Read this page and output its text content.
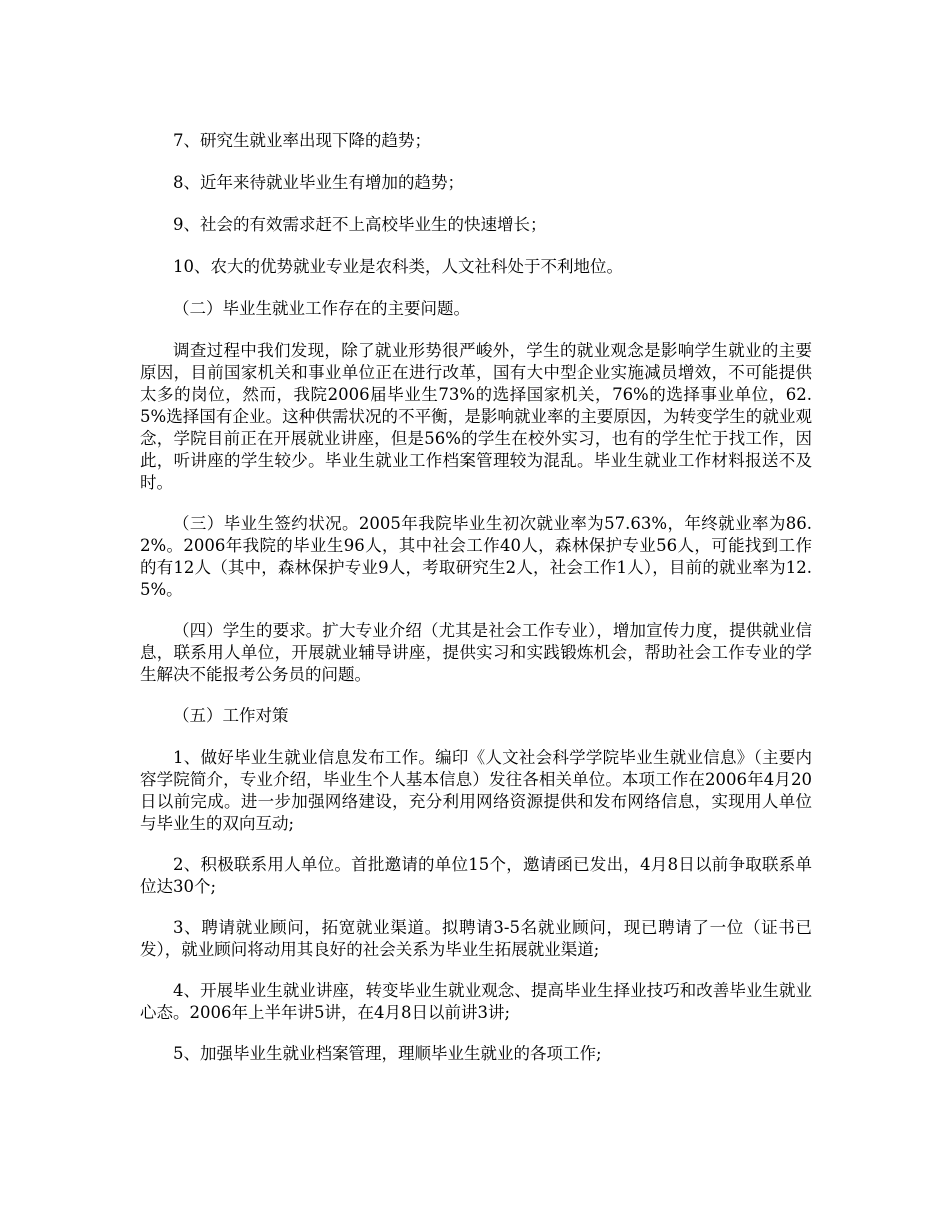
7、研究生就业率出现下降的趋势；

8、近年来待就业毕业生有增加的趋势；

9、社会的有效需求赶不上高校毕业生的快速增长；

10、农大的优势就业专业是农科类，人文社科处于不利地位。

（二）毕业生就业工作存在的主要问题。

调查过程中我们发现，除了就业形势很严峻外，学生的就业观念是影响学生就业的主要原因，目前国家机关和事业单位正在进行改革，国有大中型企业实施减员增效，不可能提供太多的岗位，然而，我院2006届毕业生73%的选择国家机关，76%的选择事业单位，62.5%选择国有企业。这种供需状况的不平衡，是影响就业率的主要原因，为转变学生的就业观念，学院目前正在开展就业讲座，但是56%的学生在校外实习，也有的学生忙于找工作，因此，听讲座的学生较少。毕业生就业工作档案管理较为混乱。毕业生就业工作材料报送不及时。

（三）毕业生签约状况。2005年我院毕业生初次就业率为57.63%，年终就业率为86.2%。2006年我院的毕业生96人，其中社会工作40人，森林保护专业56人，可能找到工作的有12人（其中，森林保护专业9人，考取研究生2人，社会工作1人），目前的就业率为12.5%。

（四）学生的要求。扩大专业介绍（尤其是社会工作专业），增加宣传力度，提供就业信息，联系用人单位，开展就业辅导讲座，提供实习和实践锻炼机会，帮助社会工作专业的学生解决不能报考公务员的问题。

（五）工作对策

1、做好毕业生就业信息发布工作。编印《人文社会科学学院毕业生就业信息》（主要内容学院简介，专业介绍，毕业生个人基本信息）发往各相关单位。本项工作在2006年4月20日以前完成。进一步加强网络建设，充分利用网络资源提供和发布网络信息，实现用人单位与毕业生的双向互动;

2、积极联系用人单位。首批邀请的单位15个，邀请函已发出，4月8日以前争取联系单位达30个;

3、聘请就业顾问，拓宽就业渠道。拟聘请3-5名就业顾问，现已聘请了一位（证书已发），就业顾问将动用其良好的社会关系为毕业生拓展就业渠道;

4、开展毕业生就业讲座，转变毕业生就业观念、提高毕业生择业技巧和改善毕业生就业心态。2006年上半年讲5讲，在4月8日以前讲3讲;

5、加强毕业生就业档案管理，理顺毕业生就业的各项工作;
